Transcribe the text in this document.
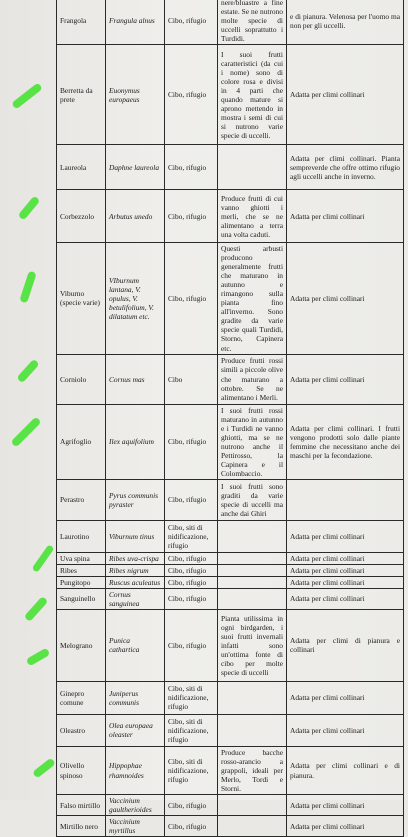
Frangola	Frangula alnus	Cibo, rifugio	nere/bluastre a fine estate. Se ne nutrono molte specie di uccelli soprattutto i Turdidi.	e di pianura. Velenosa per l'uomo ma non per gli uccelli.
Berretta da prete	Euonymus europaeus	Cibo, rifugio	I suoi frutti caratteristici (da cui i nome) sono di colore rosa e divisi in 4 parti che quando mature si aprono mettendo in mostra i semi di cui si nutrono varie specie di uccelli.	Adatta per climi collinari
Laureola	Daphne laureola	Cibo, rifugio		Adatta per climi collinari. Pianta sempreverde che offre ottimo rifugio agli uccelli anche in inverno.
Corbezzolo	Arbutus unedo	Cibo, rifugio	Produce frutti di cui vanno ghiotti i merli, che se ne alimentano a terra una volta caduti.	Adatta per climi collinari
Viburno (specie varie)	VIburnum lantana, V. opulus, V. betulifolium, V. dilatatum etc.	Cibo, rifugio	Questi arbusti producono generalmente frutti che maturano in autunno e rimangono sulla pianta fino all'inverno. Sono gradite da varie specie quali Turdidi, Storno, Capinera etc.	Adatta per climi collinari
Corniolo	Cornus mas	Cibo	Produce frutti rossi simili a piccole olive che maturano a ottobre. Se ne alimentano i Merli.	Adatta per climi collinari
Agrifoglio	Ilex aquifolium	Cibo, rifugio	I suoi frutti rossi maturano in autunno e i Turdidi ne vanno ghiotti, ma se ne nutrono anche il Pettirosso, la Capinera e il Colombaccio.	Adatta per climi collinari. I frutti vengono prodotti solo dalle piante femmine che necessitano anche dei maschi per la fecondazione.
Perastro	Pyrus communis pyraster	Cibo, rifugio	I suoi frutti sono graditi da varie specie di uccelli ma anche dai Ghiri	
Laurotino	Viburnum tinus	Cibo, siti di nidificazione, rifugio		Adatta per climi collinari
Uva spina	Ribes uva-crispa	Cibo, rifugio		Adatta per climi collinari
Ribes	Ribes nigrum	Cibo, rifugio		Adatta per climi collinari
Pungitopo	Ruscus aculeatus	Cibo, rifugio		Adatta per climi collinari
Sanguinello	Cornus sanguinea	Cibo, rifugio		Adatta per climi collinari
Melograno	Punica cathartica	Cibo, rifugio	Pianta utilissima in ogni birdgarden, i suoi frutti invernali infatti sono un'ottima fonte di cibo per molte specie di uccelli	Adatta per climi di pianura e collinari
Ginepro comune	Juniperus communis	Cibo, siti di nidificazione, rifugio		Adatta per climi collinari
Oleastro	Olea europaea oleaster	Cibo, siti di nidificazione, rifugio		Adatta per climi collinari
Olivello spinoso	Hippophae rhamnoides	Cibo, siti di nidificazione, rifugio	Produce bacche rosso-arancio a grappoli, ideali per Merlo, Tordi e Storni.	Adatta per climi collinari e di pianura.
Falso mirtillo	Vaccinium gaultherioides	Cibo, rifugio		Adatta per climi collinari
Mirtillo nero	Vaccinium myrtillus	Cibo, rifugio		Adatta per climi collinari
